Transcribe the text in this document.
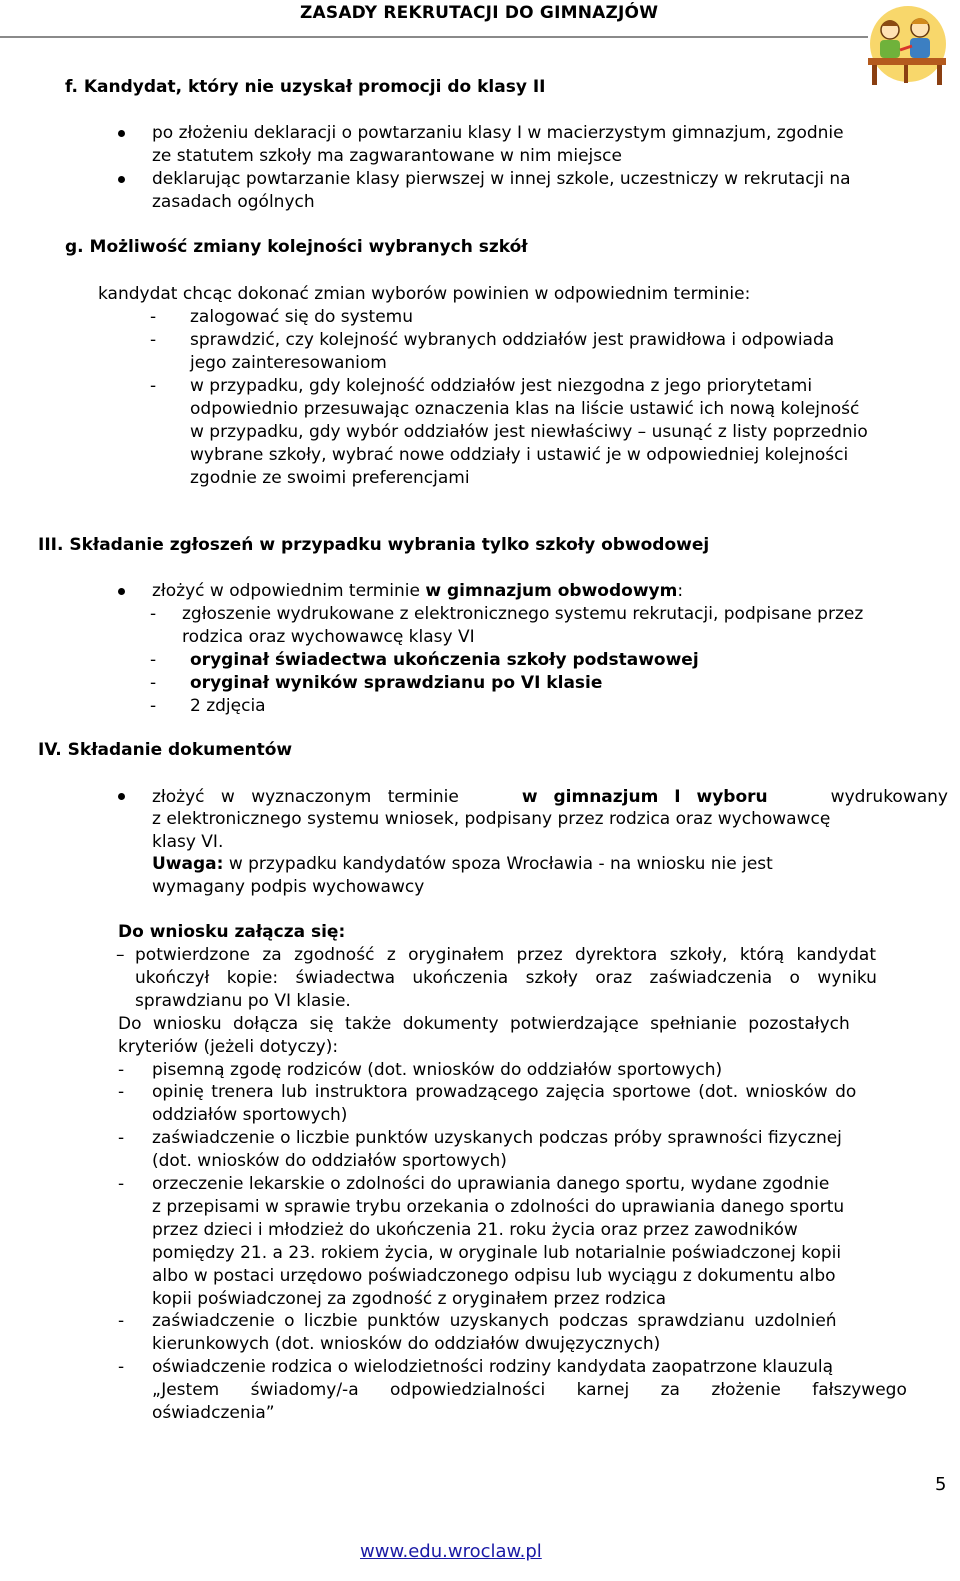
ZASADY REKRUTACJI DO GIMNAZJÓW
f. Kandydat, który nie uzyskał promocji do klasy II
po złożeniu deklaracji o powtarzaniu klasy I w macierzystym gimnazjum, zgodnie
ze statutem szkoły ma zagwarantowane w nim miejsce
deklarując powtarzanie klasy pierwszej w innej szkole, uczestniczy w rekrutacji na
zasadach ogólnych
g. Możliwość zmiany kolejności wybranych szkół
kandydat chcąc dokonać zmian wyborów powinien w odpowiednim terminie:
- zalogować się do systemu
- sprawdzić, czy kolejność wybranych oddziałów jest prawidłowa i odpowiada
jego zainteresowaniom
- w przypadku, gdy kolejność oddziałów jest niezgodna z jego priorytetami
odpowiednio przesuwając oznaczenia klas na liście ustawić ich nową kolejność
w przypadku, gdy wybór oddziałów jest niewłaściwy – usunąć z listy poprzednio
wybrane szkoły, wybrać nowe oddziały i ustawić je w odpowiedniej kolejności
zgodnie ze swoimi preferencjami
III. Składanie zgłoszeń w przypadku wybrania tylko szkoły obwodowej
złożyć w odpowiednim terminie w gimnazjum obwodowym:
- zgłoszenie wydrukowane z elektronicznego systemu rekrutacji, podpisane przez
rodzica oraz wychowawcę klasy VI
- oryginał świadectwa ukończenia szkoły podstawowej
- oryginał wyników sprawdzianu po VI klasie
- 2 zdjęcia
IV. Składanie dokumentów
złożyć w wyznaczonym terminie	w gimnazjum I wyboru	wydrukowany
z elektronicznego systemu wniosek, podpisany przez rodzica oraz wychowawcę
klasy VI.
Uwaga: w przypadku kandydatów spoza Wrocławia - na wniosku nie jest
wymagany podpis wychowawcy
Do wniosku załącza się:
– potwierdzone za zgodność z oryginałem przez dyrektora szkoły, którą kandydat
ukończył kopie: świadectwa ukończenia szkoły oraz zaświadczenia o wyniku
sprawdzianu po VI klasie.
Do wniosku dołącza się także dokumenty potwierdzające spełnianie pozostałych
kryteriów (jeżeli dotyczy):
- pisemną zgodę rodziców (dot. wniosków do oddziałów sportowych)
- opinię trenera lub instruktora prowadzącego zajęcia sportowe (dot. wniosków do
oddziałów sportowych)
- zaświadczenie o liczbie punktów uzyskanych podczas próby sprawności fizycznej
(dot. wniosków do oddziałów sportowych)
- orzeczenie lekarskie o zdolności do uprawiania danego sportu, wydane zgodnie
z przepisami w sprawie trybu orzekania o zdolności do uprawiania danego sportu
przez dzieci i młodzież do ukończenia 21. roku życia oraz przez zawodników
pomiędzy 21. a 23. rokiem życia, w oryginale lub notarialnie poświadczonej kopii
albo w postaci urzędowo poświadczonego odpisu lub wyciągu z dokumentu albo
kopii poświadczonej za zgodność z oryginałem przez rodzica
- zaświadczenie o liczbie punktów uzyskanych podczas sprawdzianu uzdolnień
kierunkowych (dot. wniosków do oddziałów dwujęzycznych)
- oświadczenie rodzica o wielodzietności rodziny kandydata zaopatrzone klauzulą
„Jestem świadomy/-a odpowiedzialności karnej za złożenie fałszywego
oświadczenia”
5
www.edu.wroclaw.pl
